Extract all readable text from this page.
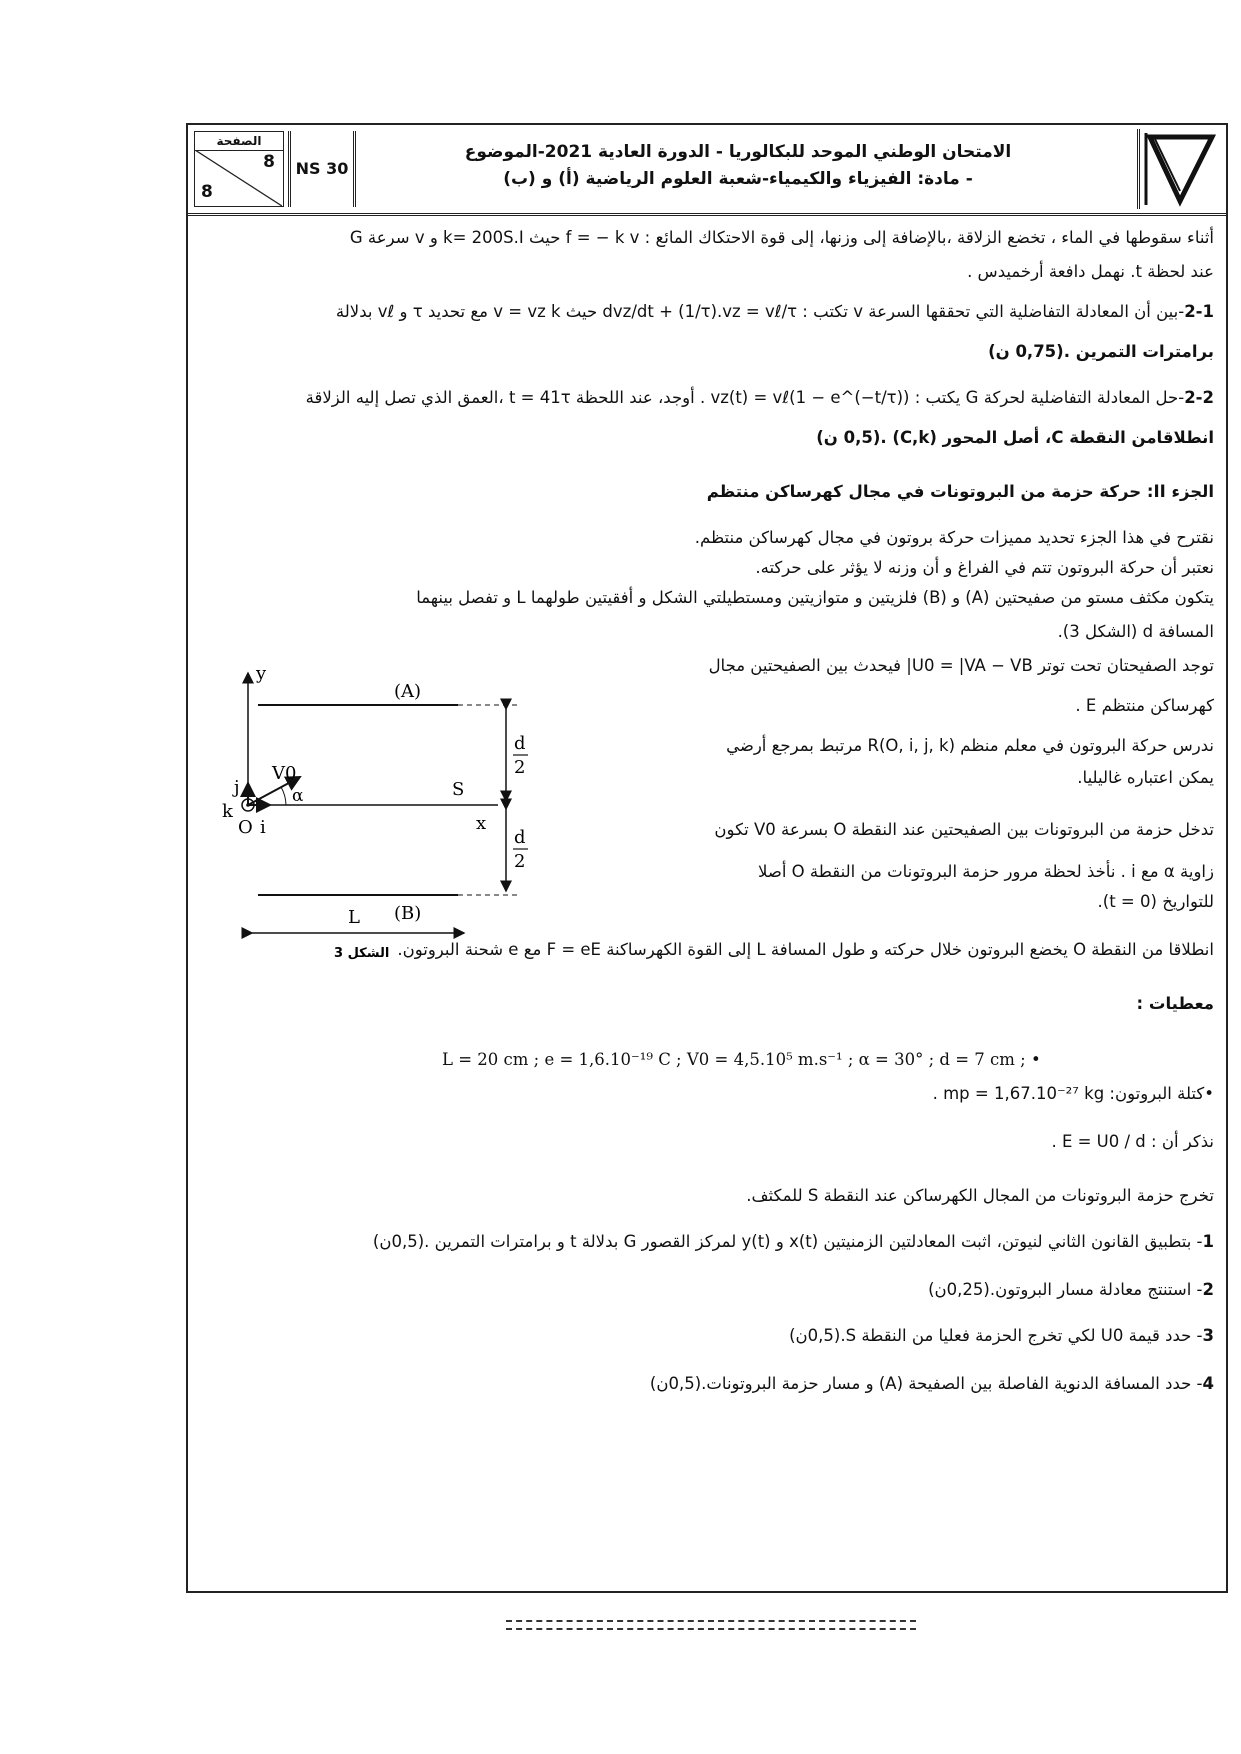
الصفحة
8
8
NS 30
الامتحان الوطني الموحد للبكالوريا - الدورة العادية 2021-الموضوع
- مادة: الفيزياء والكيمياء-شعبة العلوم الرياضية (أ) و (ب)
أثناء سقوطها في الماء ، تخضع الزلاقة ،بالإضافة إلى وزنها، إلى قوة الاحتكاك المائع : f = − k v حيث k= 200S.I و v سرعة G
عند لحظة t. نهمل دافعة أرخميدس .
2-1-بين أن المعادلة التفاضلية التي تحققها السرعة v تكتب : dvz/dt + (1/τ).vz = vℓ/τ حيث v = vz k مع تحديد τ و vℓ بدلالة
برامترات التمرين .(0,75 ن)
2-2-حل المعادلة التفاضلية لحركة G يكتب : vz(t) = vℓ(1 − e^(−t/τ)) . أوجد، عند اللحظة t = 41τ ،العمق الذي تصل إليه الزلاقة
انطلاقامن النقطة C، أصل المحور (C,k) .(0,5 ن)
الجزء II: حركة حزمة من البروتونات في مجال كهرساكن منتظم
نقترح في هذا الجزء تحديد مميزات حركة بروتون في مجال كهرساكن منتظم.
نعتبر أن حركة البروتون تتم في الفراغ و أن وزنه لا يؤثر على حركته.
يتكون مكثف مستو من صفيحتين (A) و (B) فلزيتين و متوازيتين ومستطيلتي الشكل و أفقيتين طولهما L و تفصل بينهما
المسافة d (الشكل 3).
توجد الصفيحتان تحت توتر U0 = |VA − VB| فيحدث بين الصفيحتين مجال
كهرساكن منتظم E .
ندرس حركة البروتون في معلم منظم R(O, i, j, k) مرتبط بمرجع أرضي
يمكن اعتباره غاليليا.
تدخل حزمة من البروتونات بين الصفيحتين عند النقطة O بسرعة V0 تكون
زاوية α مع i . نأخذ لحظة مرور حزمة البروتونات من النقطة O أصلا
للتواريخ (t = 0).
انطلاقا من النقطة O يخضع البروتون خلال حركته و طول المسافة L إلى القوة الكهرساكنة F = eE مع e شحنة البروتون.
معطيات :
L = 20 cm ; e = 1,6.10⁻¹⁹ C ; V0 = 4,5.10⁵ m.s⁻¹ ; α = 30° ; d = 7 cm ; •
•كتلة البروتون: mp = 1,67.10⁻²⁷ kg .
نذكر أن : E = U0 / d .
تخرج حزمة البروتونات من المجال الكهرساكن عند النقطة S للمكثف.
1- بتطبيق القانون الثاني لنيوتن، اثبت المعادلتين الزمنيتين x(t) و y(t) لمركز القصور G بدلالة t و برامترات التمرين .(0,5ن)
2- استنتج معادلة مسار البروتون.(0,25ن)
3- حدد قيمة U0 لكي تخرج الحزمة فعليا من النقطة S.(0,5ن)
4- حدد المسافة الدنوية الفاصلة بين الصفيحة (A) و مسار حزمة البروتونات.(0,5ن)
(A)
(B)
y
x
O i
j
k
V0
α	S
d
2
d
2
L
الشكل 3
